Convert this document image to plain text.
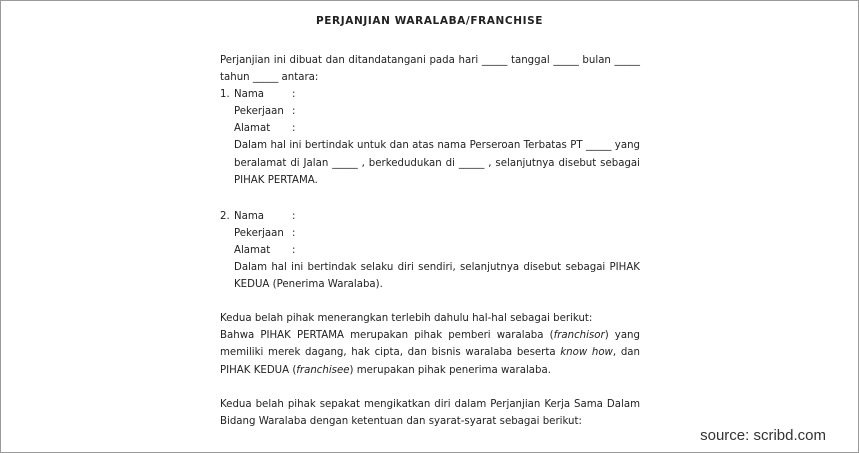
PERJANJIAN WARALABA/FRANCHISE
Perjanjian ini dibuat dan ditandatangani pada hari _____ tanggal _____ bulan _____ tahun _____ antara:
1. Nama	:
Pekerjaan :
Alamat	:
Dalam hal ini bertindak untuk dan atas nama Perseroan Terbatas PT _____ yang beralamat di Jalan _____ , berkedudukan di _____ , selanjutnya disebut sebagai PIHAK PERTAMA.
2. Nama	:
Pekerjaan :
Alamat	:
Dalam hal ini bertindak selaku diri sendiri, selanjutnya disebut sebagai PIHAK KEDUA (Penerima Waralaba).
Kedua belah pihak menerangkan terlebih dahulu hal-hal sebagai berikut:
Bahwa PIHAK PERTAMA merupakan pihak pemberi waralaba (franchisor) yang memiliki merek dagang, hak cipta, dan bisnis waralaba beserta know how, dan PIHAK KEDUA (franchisee) merupakan pihak penerima waralaba.
Kedua belah pihak sepakat mengikatkan diri dalam Perjanjian Kerja Sama Dalam Bidang Waralaba dengan ketentuan dan syarat-syarat sebagai berikut:
source: scribd.com
